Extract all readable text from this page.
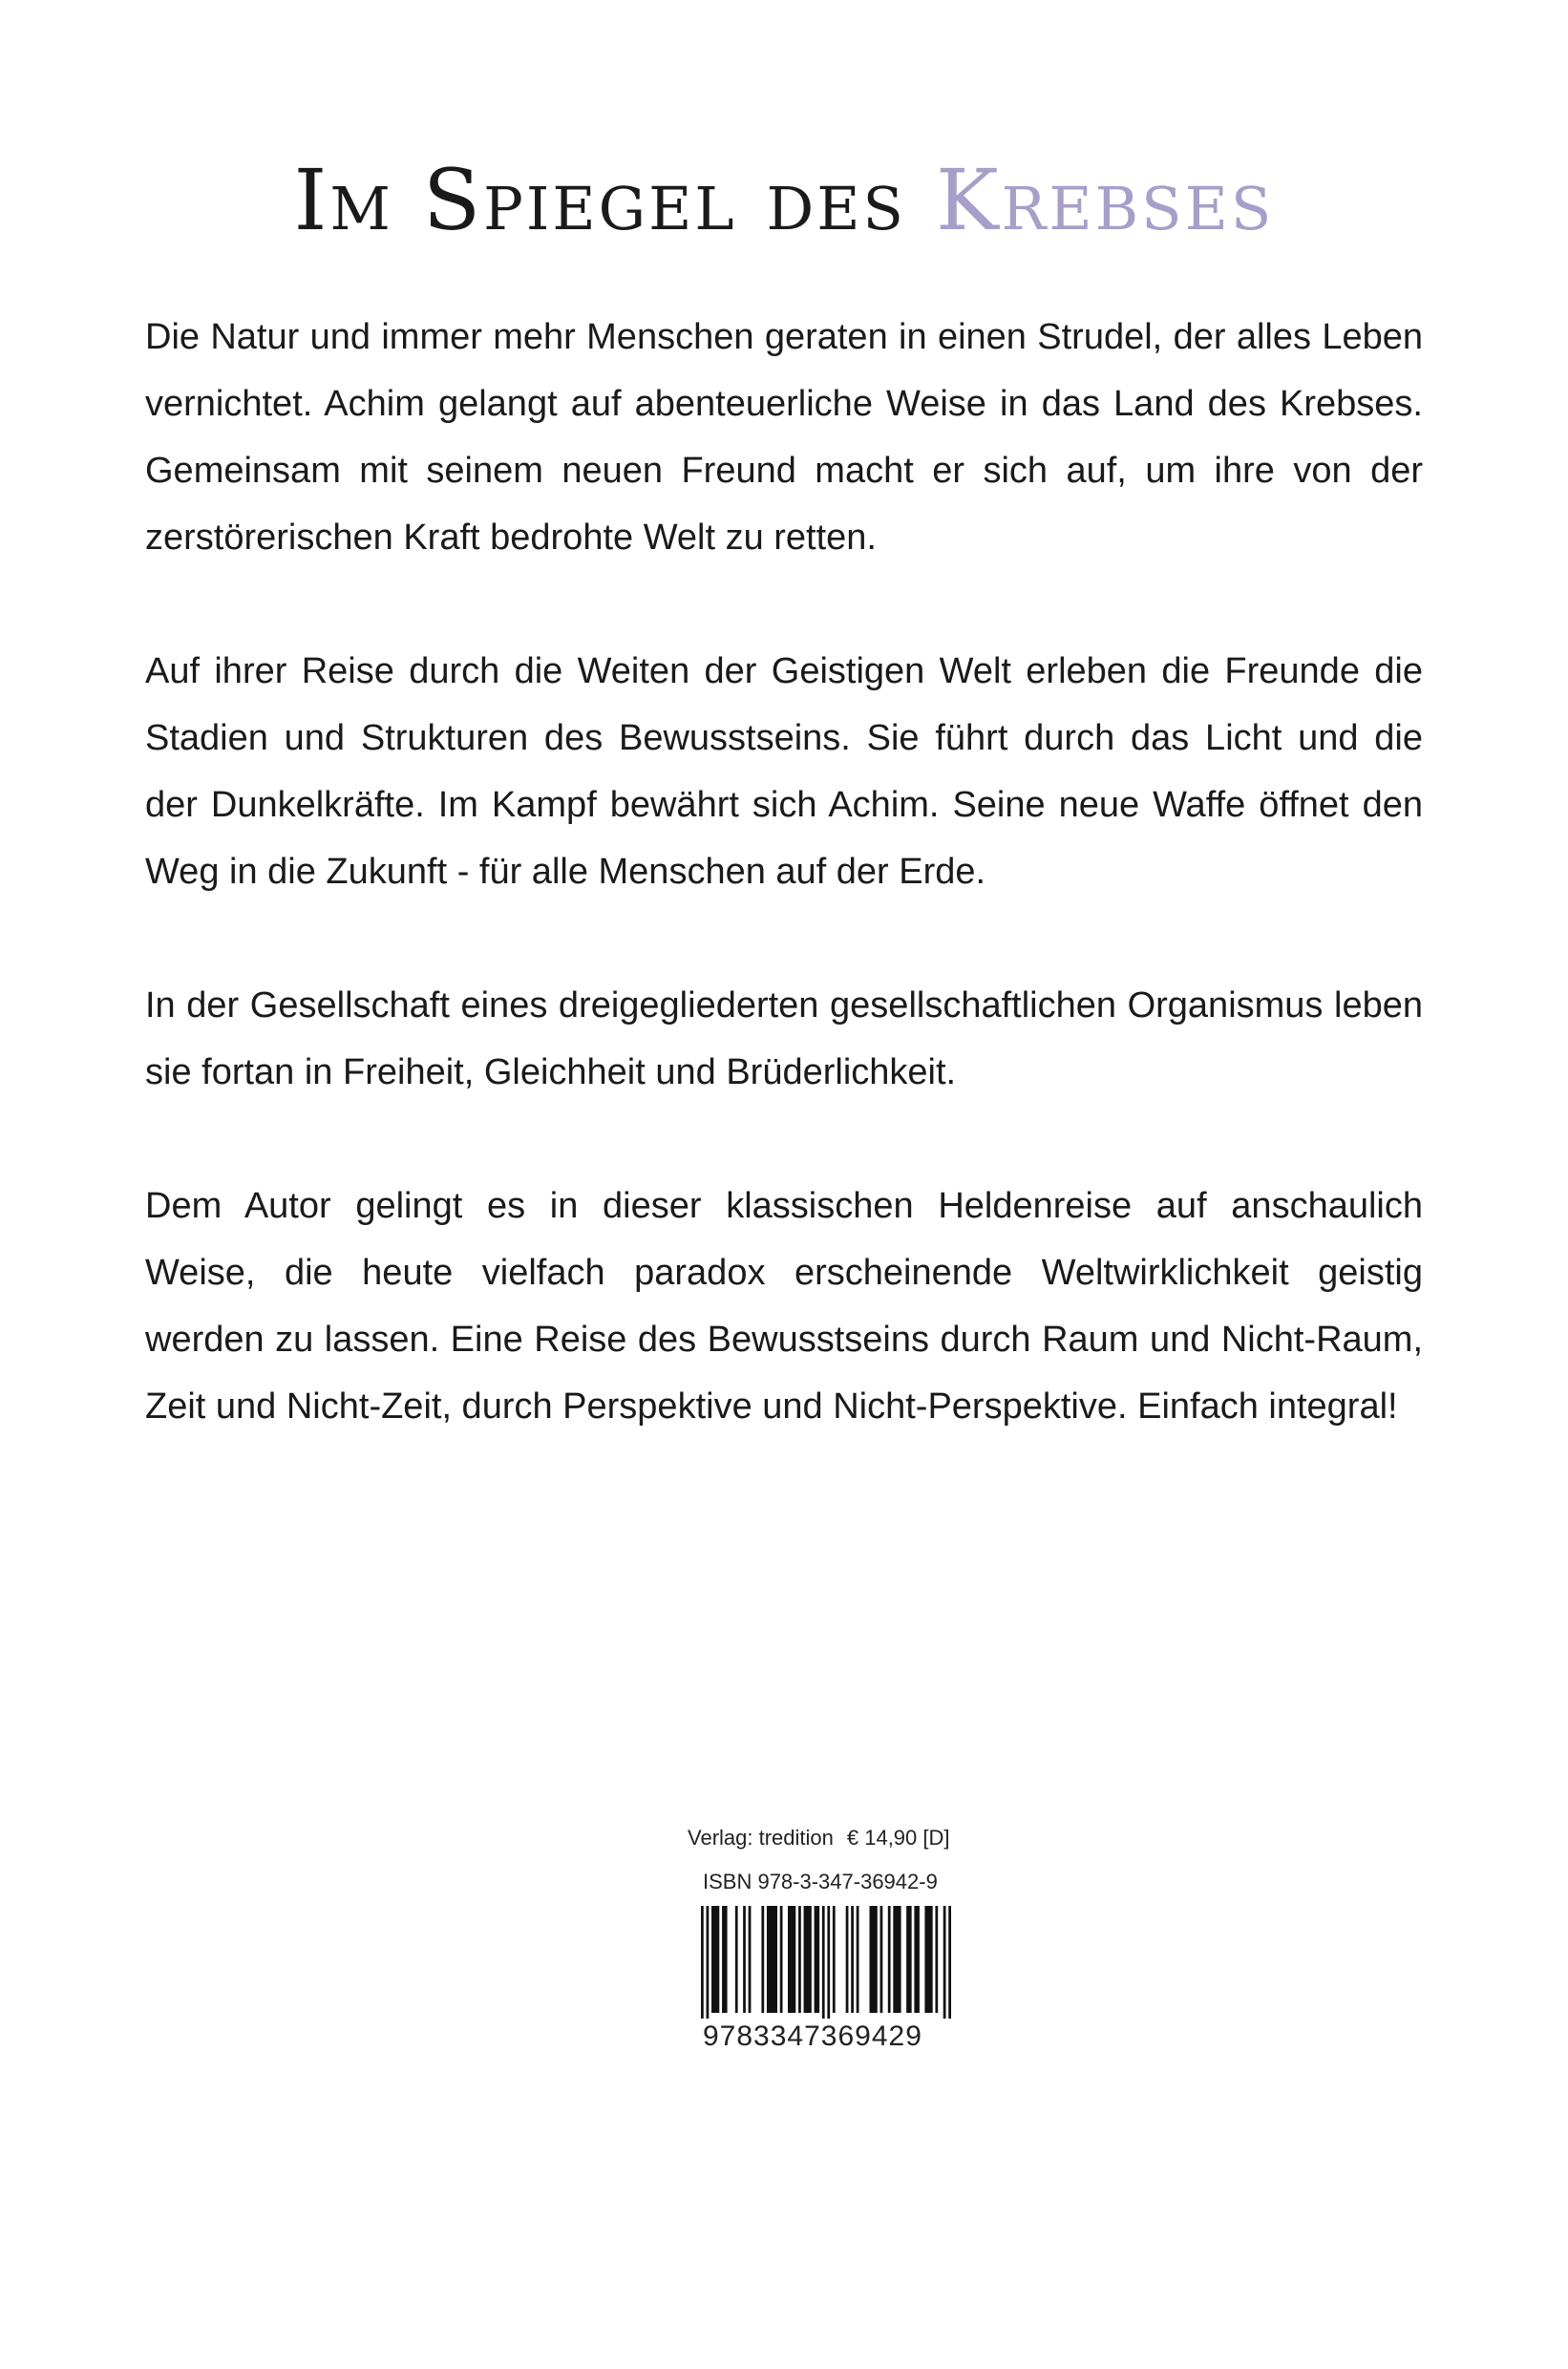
Im Spiegel des Krebses
Die Natur und immer mehr Menschen geraten in einen Strudel, der alles Leben
vernichtet. Achim gelangt auf abenteuerliche Weise in das Land des Krebses.
Gemeinsam mit seinem neuen Freund macht er sich auf, um ihre von der
zerstörerischen Kraft bedrohte Welt zu retten.
Auf ihrer Reise durch die Weiten der Geistigen Welt erleben die Freunde die
Stadien und Strukturen des Bewusstseins. Sie führt durch das Licht und die
der Dunkelkräfte. Im Kampf bewährt sich Achim. Seine neue Waffe öffnet den
Weg in die Zukunft - für alle Menschen auf der Erde.
In der Gesellschaft eines dreigegliederten gesellschaftlichen Organismus leben
sie fortan in Freiheit, Gleichheit und Brüderlichkeit.
Dem Autor gelingt es in dieser klassischen Heldenreise auf anschaulich
Weise, die heute vielfach paradox erscheinende Weltwirklichkeit geistig
werden zu lassen. Eine Reise des Bewusstseins durch Raum und Nicht-Raum,
Zeit und Nicht-Zeit, durch Perspektive und Nicht-Perspektive. Einfach integral!
Verlag: tredition € 14,90 [D]
ISBN 978-3-347-36942-9
9783347369429
